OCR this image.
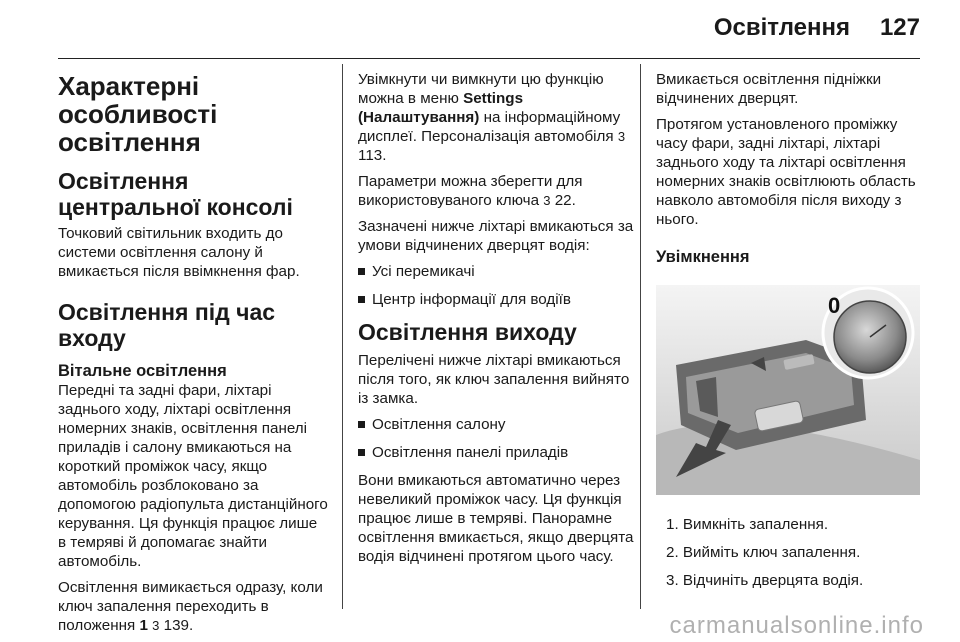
Освітлення 127
Характерні особливості освітлення
Освітлення центральної консолі

Точковий світильник входить до системи освітлення салону й вмикається після ввімкнення фар.

Освітлення під час входу
Вітальне освітлення

Передні та задні фари, ліхтарі заднього ходу, ліхтарі освітлення номерних знаків, освітлення панелі приладів і салону вмикаються на короткий проміжок часу, якщо автомобіль розблоковано за допомогою радіопульта дистанційного керування. Ця функція працює лише в темряві й допомагає знайти автомобіль.

Освітлення вимикається одразу, коли ключ запалення переходить в положення 1 3 139.

Увімкнути чи вимкнути цю функцію можна в меню Settings (Налаштування) на інформаційному дисплеї. Персоналізація автомобіля 3 113.

Параметри можна зберегти для використовуваного ключа 3 22.

Зазначені нижче ліхтарі вмикаються за умови відчинених дверцят водія:

Усі перемикачі
Центр інформації для водіїв
Освітлення виходу

Перелічені нижче ліхтарі вмикаються після того, як ключ запалення вийнято із замка.

Освітлення салону
Освітлення панелі приладів

Вони вмикаються автоматично через невеликий проміжок часу. Ця функція працює лише в темряві. Панорамне освітлення вмикається, якщо дверцята водія відчинені протягом цього часу.

Вмикається освітлення підніжки відчинених дверцят.

Протягом установленого проміжку часу фари, задні ліхтарі, ліхтарі заднього ходу та ліхтарі освітлення номерних знаків освітлюють область навколо автомобіля після виходу з нього.

Увімкнення
0
1. Вимкніть запалення.
2. Вийміть ключ запалення.
3. Відчиніть дверцята водія.
carmanualsonline.info
